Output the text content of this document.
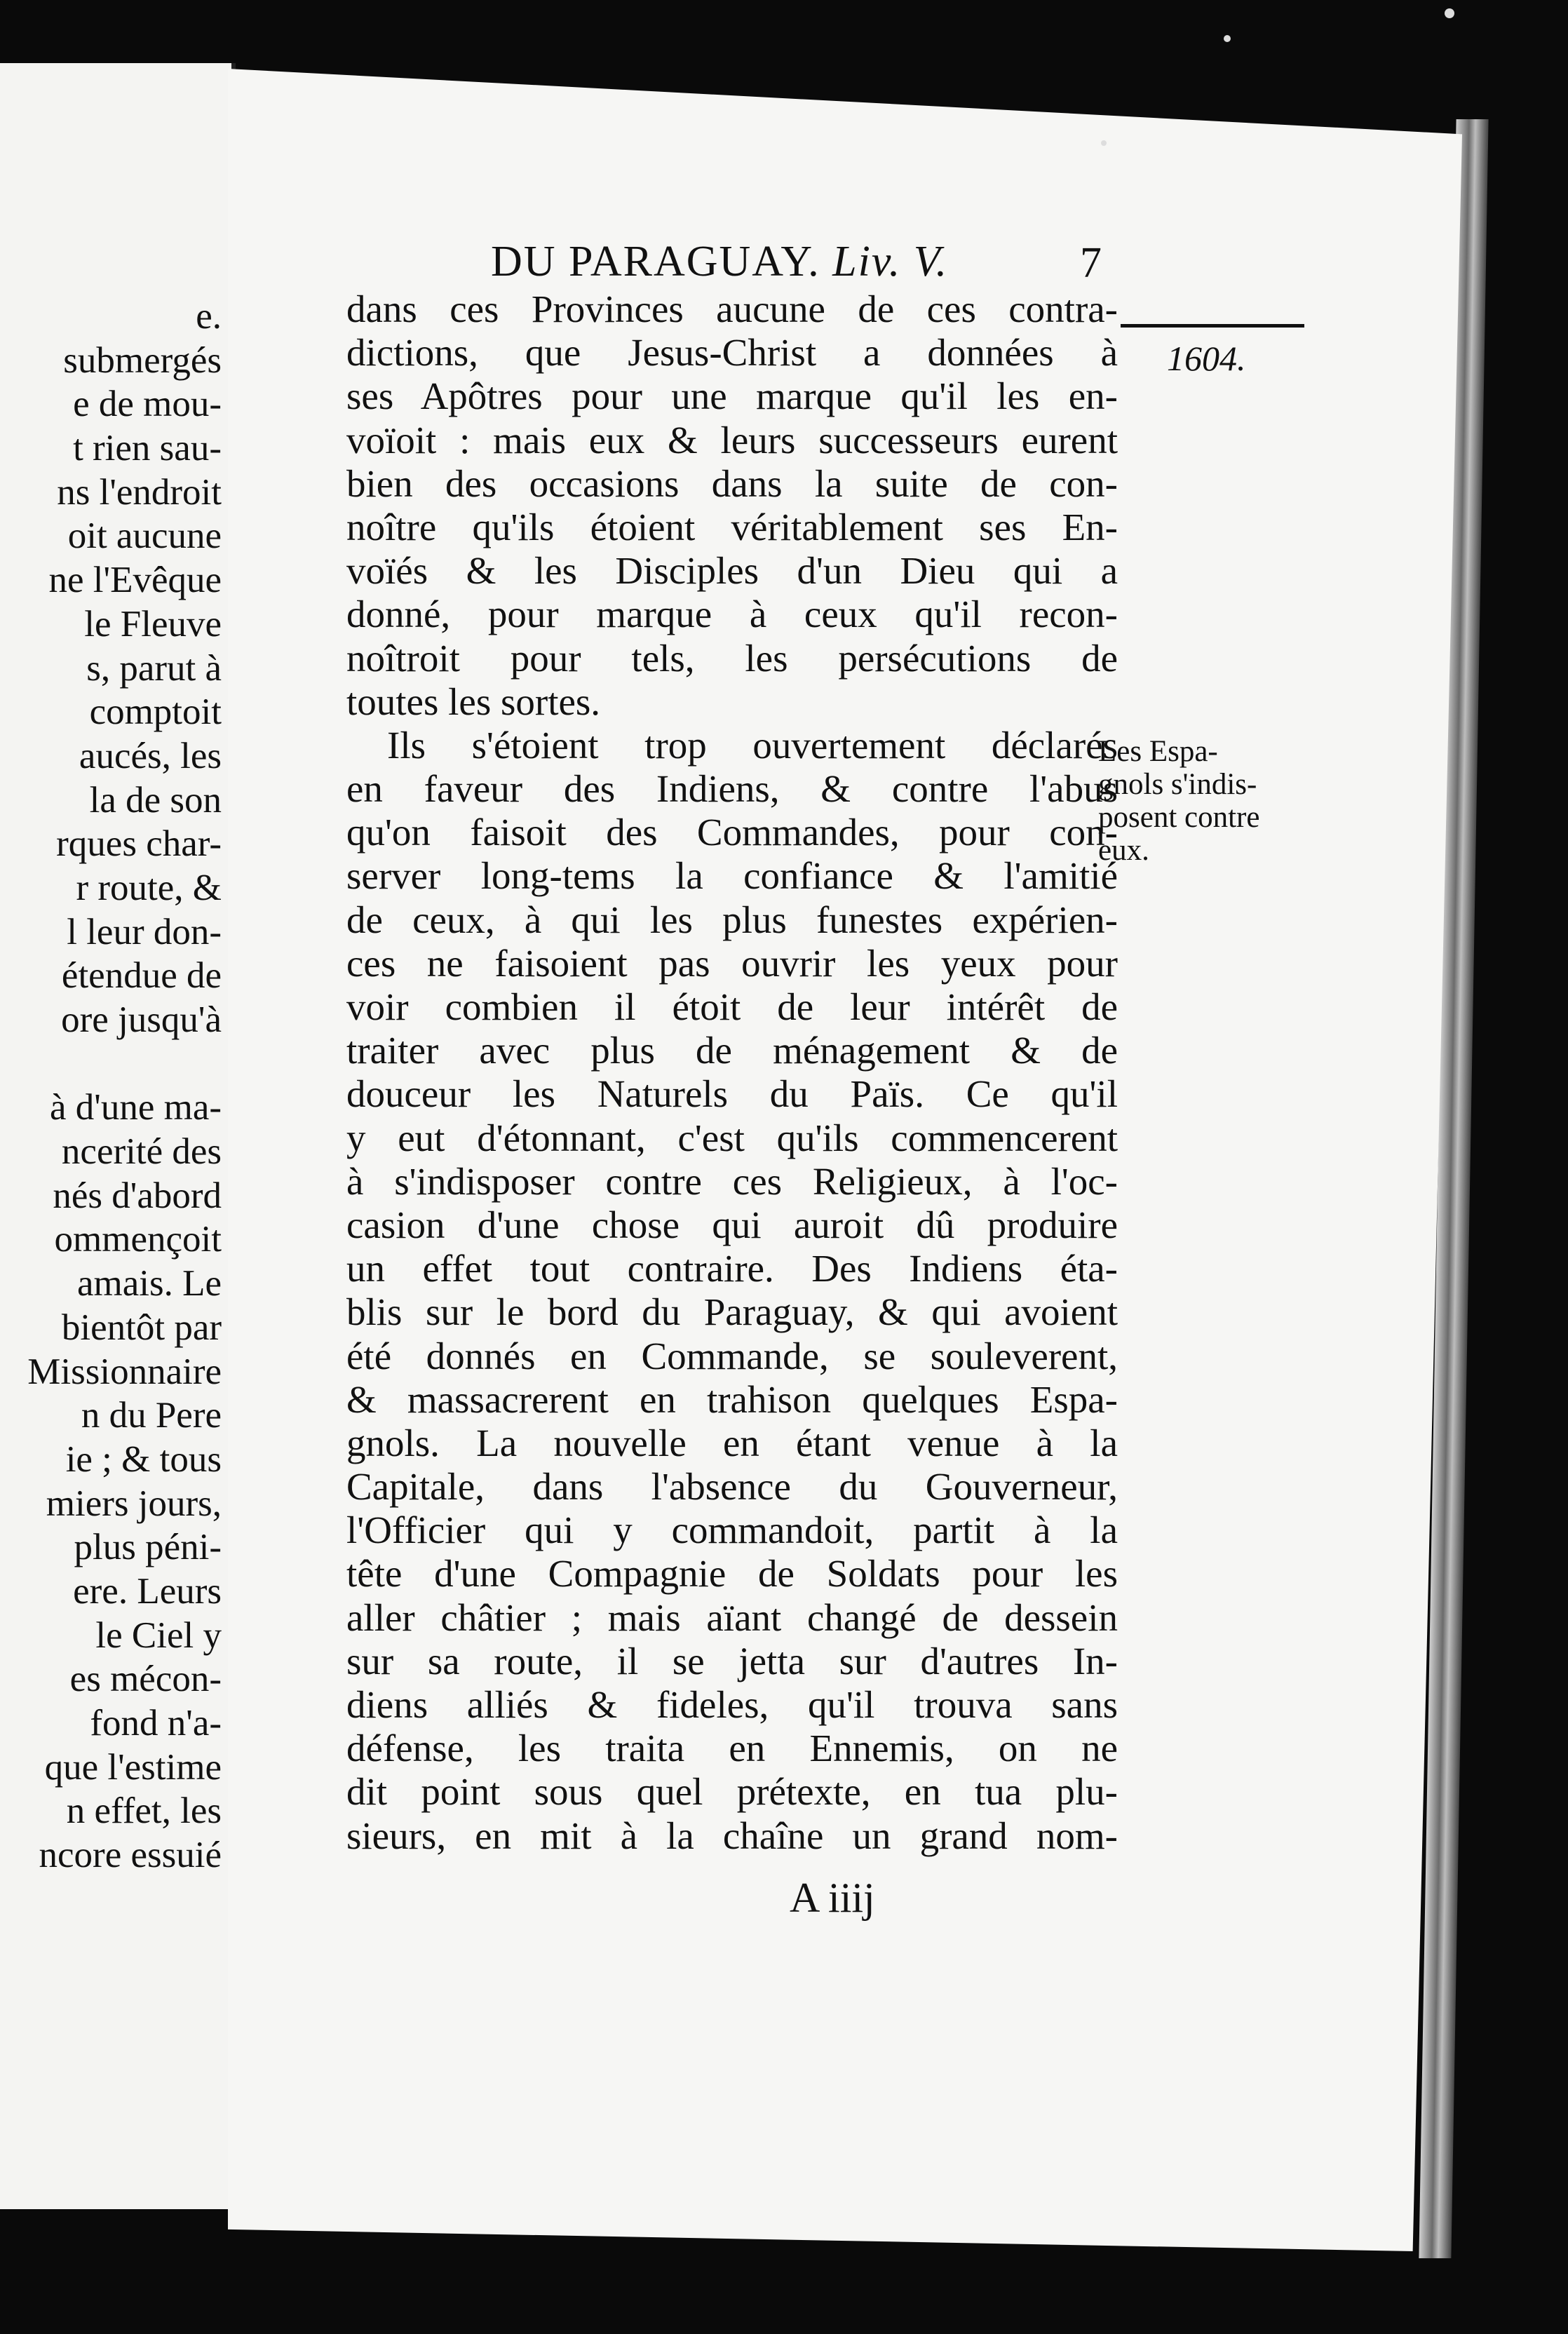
e.
submergés
e de mou-
t rien sau-
ns l'endroit
oit aucune
ne l'Evêque
le Fleuve
s, parut à
comptoit
aucés, les
la de son
rques char-
r route, &
l leur don-
étendue de
ore jusqu'à
à d'une ma-
ncerité des
nés d'abord
ommençoit
amais. Le
bientôt par
Missionnaire
n du Pere
ie ; & tous
miers jours,
plus péni-
ere. Leurs
le Ciel y
es mécon-
fond n'a-
que l'estime
n effet, les
ncore essuié
DU PARAGUAY. Liv. V.	7
1604.
dans ces Provinces aucune de ces contra-
dictions, que Jesus-Christ a données à
ses Apôtres pour une marque qu'il les en-
voïoit : mais eux & leurs successeurs eurent
bien des occasions dans la suite de con-
noître qu'ils étoient véritablement ses En-
voïés & les Disciples d'un Dieu qui a
donné, pour marque à ceux qu'il recon-
noîtroit pour tels, les persécutions de
toutes les sortes.
Ils s'étoient trop ouvertement déclarés
en faveur des Indiens, & contre l'abus
qu'on faisoit des Commandes, pour con-
server long-tems la confiance & l'amitié
de ceux, à qui les plus funestes expérien-
ces ne faisoient pas ouvrir les yeux pour
voir combien il étoit de leur intérêt de
traiter avec plus de ménagement & de
douceur les Naturels du Païs. Ce qu'il
y eut d'étonnant, c'est qu'ils commencerent
à s'indisposer contre ces Religieux, à l'oc-
casion d'une chose qui auroit dû produire
un effet tout contraire. Des Indiens éta-
blis sur le bord du Paraguay, & qui avoient
été donnés en Commande, se souleverent,
& massacrerent en trahison quelques Espa-
gnols. La nouvelle en étant venue à la
Capitale, dans l'absence du Gouverneur,
l'Officier qui y commandoit, partit à la
tête d'une Compagnie de Soldats pour les
aller châtier ; mais aïant changé de dessein
sur sa route, il se jetta sur d'autres In-
diens alliés & fideles, qu'il trouva sans
défense, les traita en Ennemis, on ne
dit point sous quel prétexte, en tua plu-
sieurs, en mit à la chaîne un grand nom-
Les Espa-
gnols s'indis-
posent contre
eux.
A iiij
